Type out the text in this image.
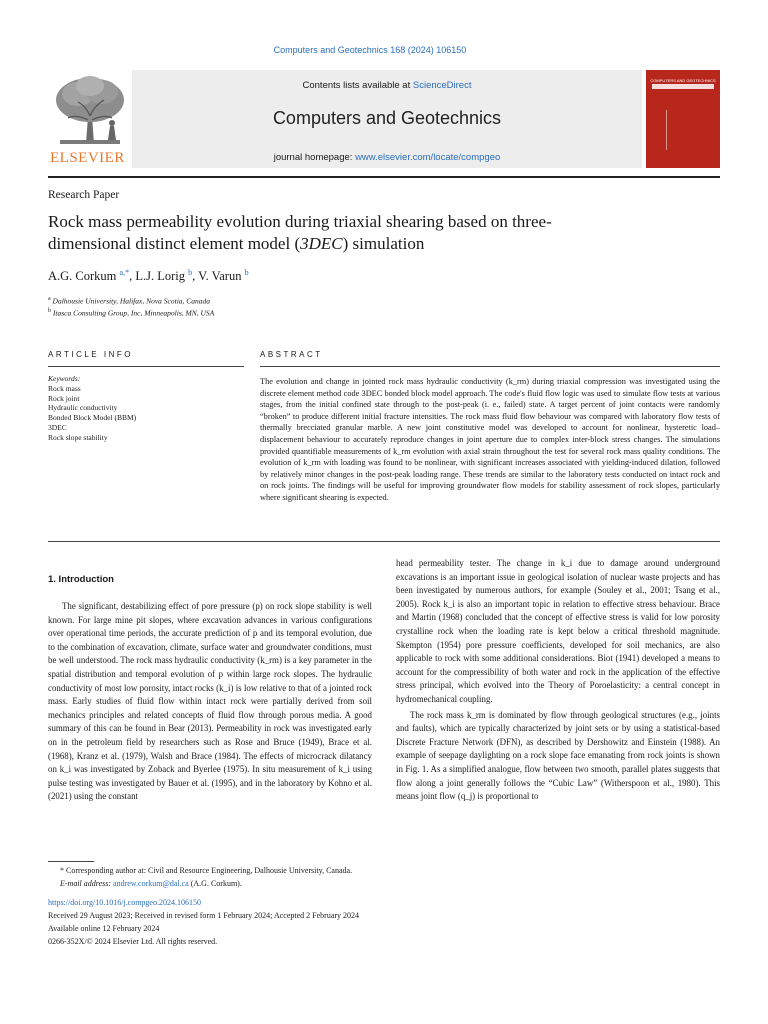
Computers and Geotechnics 168 (2024) 106150
ELSEVIER
Contents lists available at ScienceDirect
Computers and Geotechnics
journal homepage: www.elsevier.com/locate/compgeo
COMPUTERS AND GEOTECHNICS
Research Paper
Rock mass permeability evolution during triaxial shearing based on three-dimensional distinct element model (3DEC) simulation
A.G. Corkum $^{a,*}$, L.J. Lorig $^b$, V. Varun $^b$
$^a$ Dalhousie University, Halifax, Nova Scotia, Canada
$^b$ Itasca Consulting Group, Inc, Minneapolis, MN, USA
ARTICLE INFO	ABSTRACT
Keywords:
Rock mass
Rock joint
Hydraulic conductivity
Bonded Block Model (BBM)
3DEC
Rock slope stability
The evolution and change in jointed rock mass hydraulic conductivity (k_rm) during triaxial compression was investigated using the discrete element method code 3DEC bonded block model approach. The code's fluid flow logic was used to simulate flow tests at various stages, from the initial confined state through to the post-peak (i. e., failed) state. A target percent of joint contacts were randomly “broken” to produce different initial fracture intensities. The rock mass fluid flow behaviour was compared with laboratory flow tests of thermally brecciated granular marble. A new joint constitutive model was developed to account for nonlinear, hysteretic load–displacement behaviour to accurately reproduce changes in joint aperture due to complex inter-block stress changes. The simulations provided quantifiable measurements of k_rm evolution with axial strain throughout the test for several rock mass quality conditions. The evolution of k_rm with loading was found to be nonlinear, with significant increases associated with yielding-induced dilation, followed by relatively minor changes in the post-peak loading range. These trends are similar to the laboratory tests conducted on intact rock and on rock joints. The findings will be useful for improving groundwater flow models for stability assessment of rock slopes, particularly where significant shearing is expected.
1. Introduction

The significant, destabilizing effect of pore pressure (p) on rock slope stability is well known. For large mine pit slopes, where excavation advances in various configurations over operational time periods, the accurate prediction of p and its temporal evolution, due to the combination of excavation, climate, surface water and groundwater conditions, must be well understood. The rock mass hydraulic conductivity (k_rm) is a key parameter in the spatial distribution and temporal evolution of p within large rock slopes. The hydraulic conductivity of most low porosity, intact rocks (k_i) is low relative to that of a jointed rock mass. Early studies of fluid flow within intact rock were partially derived from soil mechanics principles and related concepts of fluid flow through porous media. A good summary of this can be found in Bear (2013). Permeability in rock was investigated early on in the petroleum field by researchers such as Rose and Bruce (1949), Brace et al. (1968), Kranz et al. (1979), Walsh and Brace (1984). The effects of microcrack dilatancy on k_i was investigated by Zoback and Byerlee (1975). In situ measurement of k_i using pulse testing was investigated by Bauer et al. (1995), and in the laboratory by Kohno et al. (2021) using the constant

head permeability tester. The change in k_i due to damage around underground excavations is an important issue in geological isolation of nuclear waste projects and has been investigated by numerous authors, for example (Souley et al., 2001; Tsang et al., 2005). Rock k_i is also an important topic in relation to effective stress behaviour. Brace and Martin (1968) concluded that the concept of effective stress is valid for low porosity crystalline rock when the loading rate is kept below a critical threshold magnitude. Skempton (1954) pore pressure coefficients, developed for soil mechanics, are also applicable to rock with some additional considerations. Biot (1941) developed a means to account for the compressibility of both water and rock in the application of the effective stress principal, which evolved into the Theory of Poroelasticity: a central concept in hydromechanical coupling.

The rock mass k_rm is dominated by flow through geological structures (e.g., joints and faults), which are typically characterized by joint sets or by using a statistical-based Discrete Fracture Network (DFN), as described by Dershowitz and Einstein (1988). An example of seepage daylighting on a rock slope face emanating from rock joints is shown in Fig. 1. As a simplified analogue, flow between two smooth, parallel plates suggests that flow along a joint generally follows the “Cubic Law” (Witherspoon et al., 1980). This means joint flow (q_j) is proportional to

* Corresponding author at: Civil and Resource Engineering, Dalhousie University, Canada.
E-mail address: andrew.corkum@dal.ca (A.G. Corkum).
https://doi.org/10.1016/j.compgeo.2024.106150
Received 29 August 2023; Received in revised form 1 February 2024; Accepted 2 February 2024
Available online 12 February 2024
0266-352X/© 2024 Elsevier Ltd. All rights reserved.
